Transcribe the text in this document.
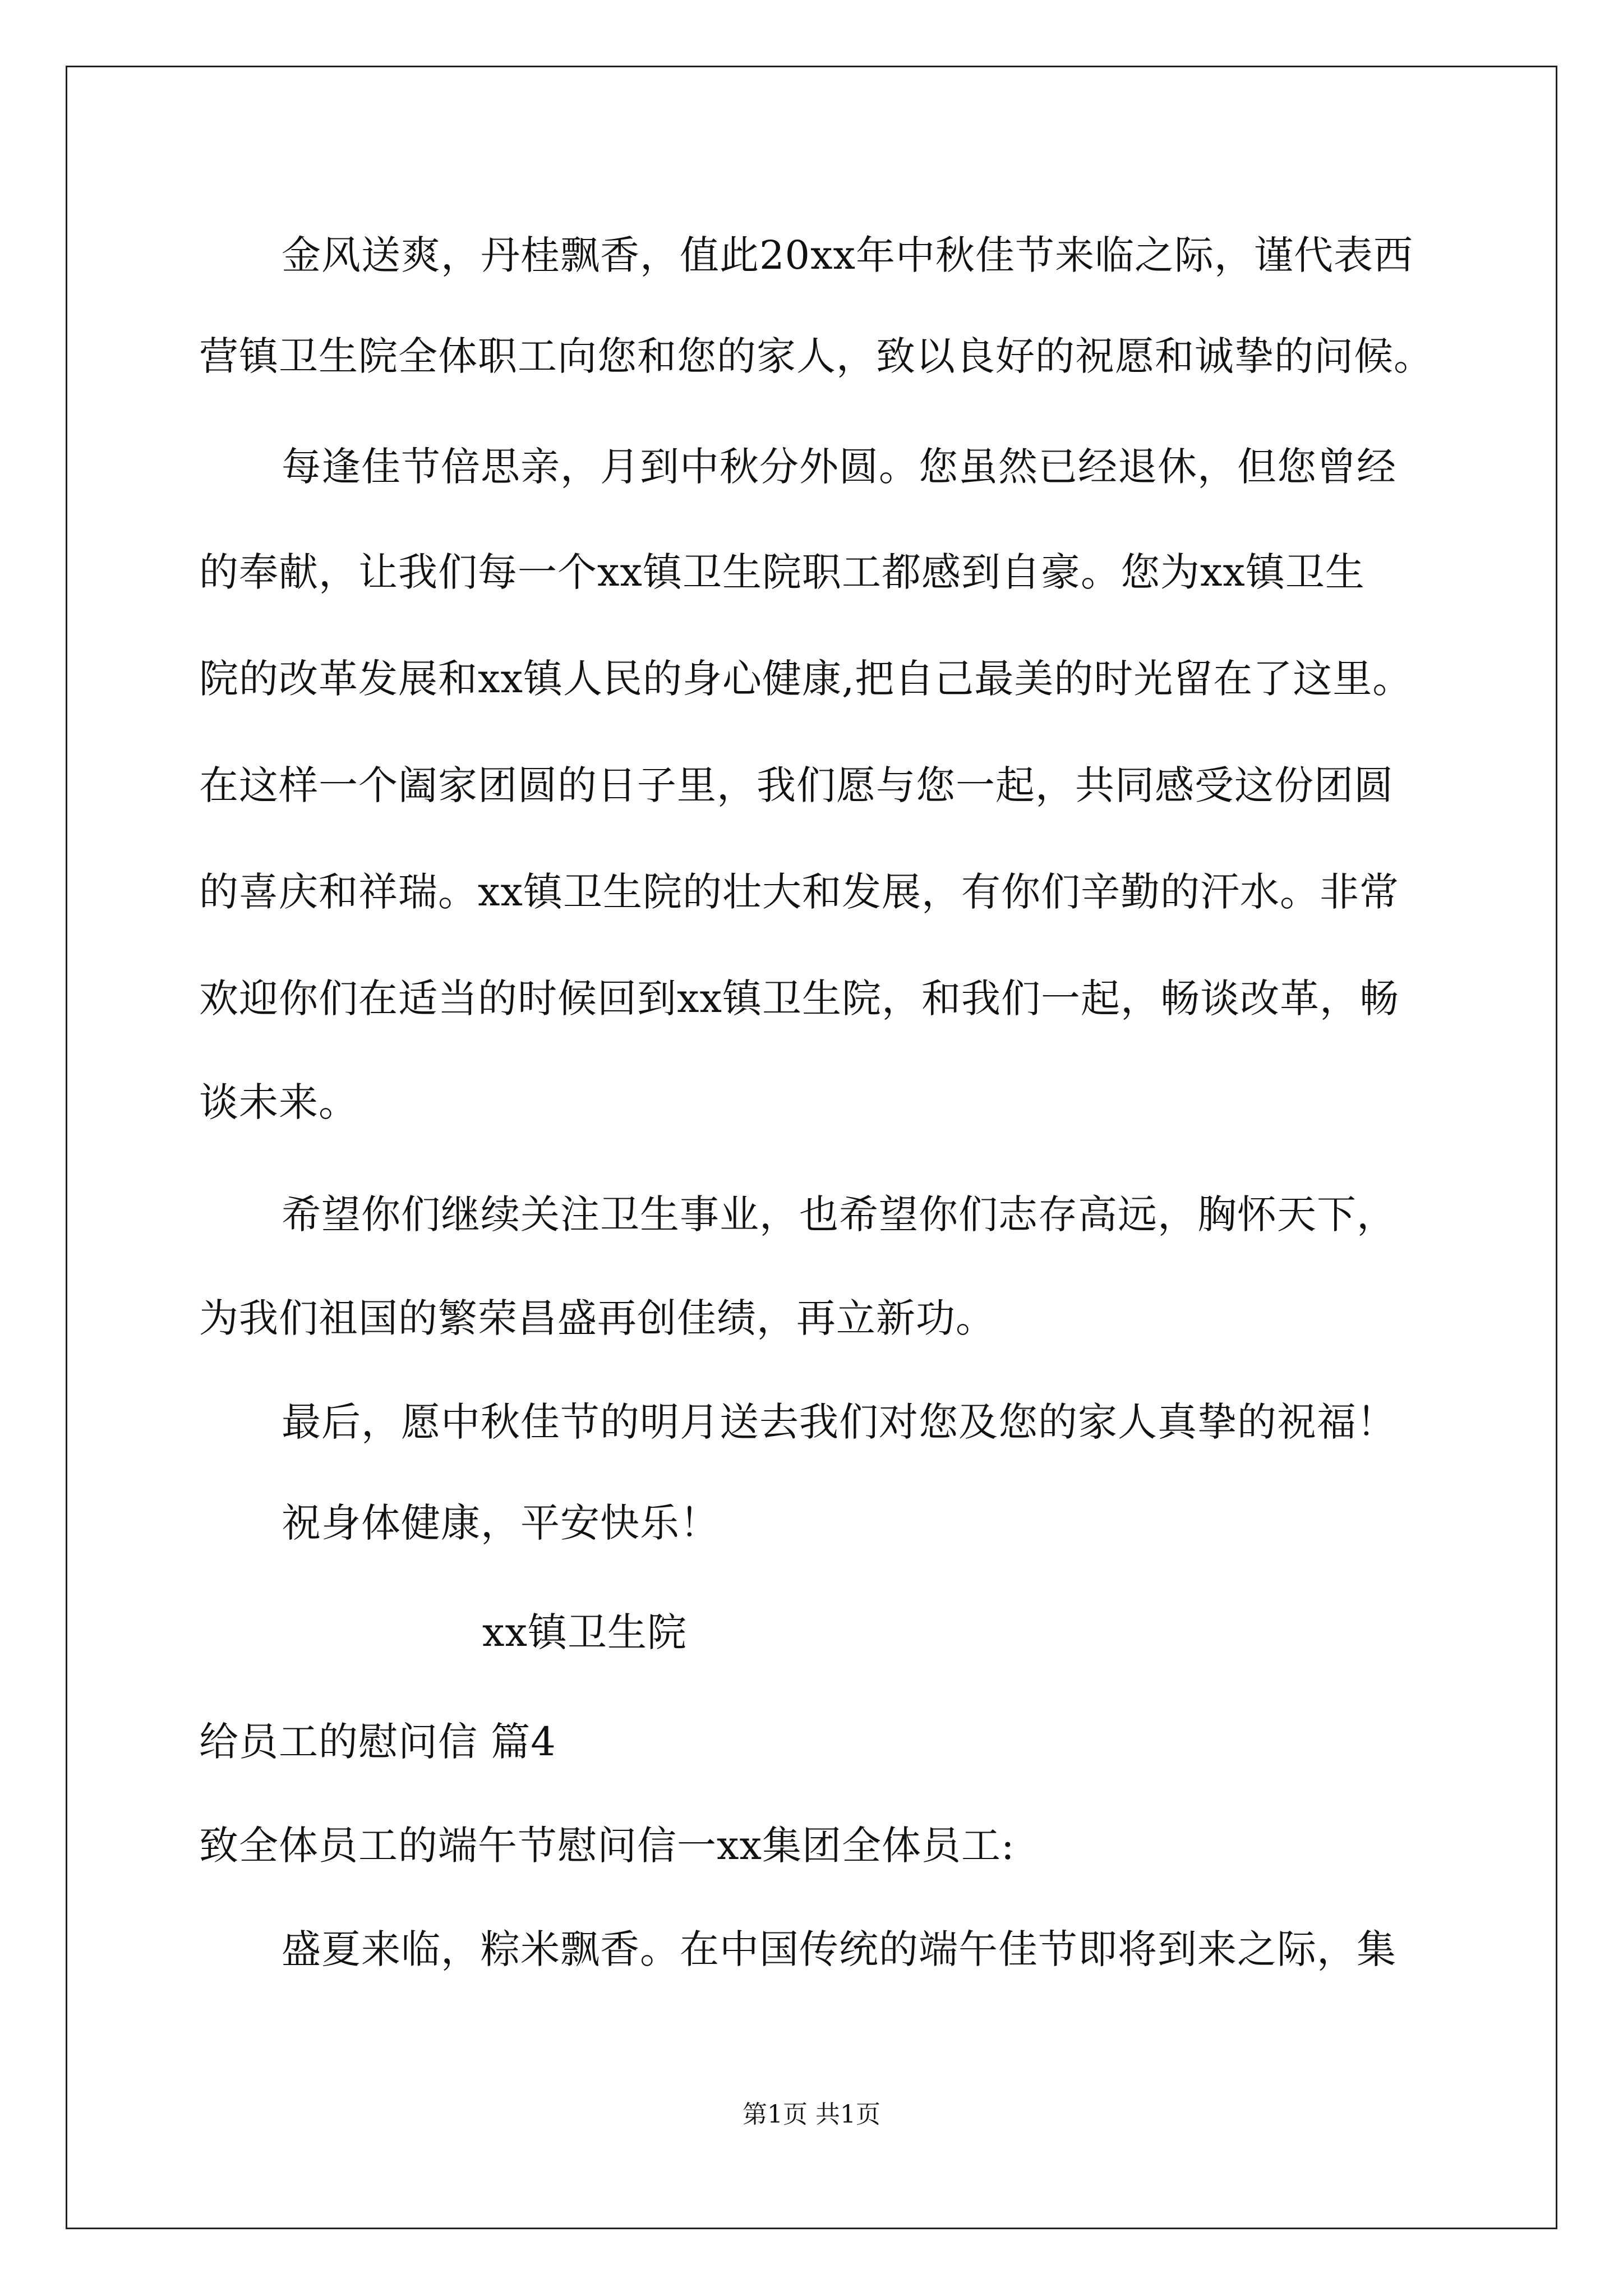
金风送爽，丹桂飘香，值此20xx年中秋佳节来临之际，谨代表西
营镇卫生院全体职工向您和您的家人，致以良好的祝愿和诚挚的问候。
每逢佳节倍思亲，月到中秋分外圆。您虽然已经退休，但您曾经
的奉献，让我们每一个xx镇卫生院职工都感到自豪。您为xx镇卫生
院的改革发展和xx镇人民的身心健康,把自己最美的时光留在了这里。
在这样一个阖家团圆的日子里，我们愿与您一起，共同感受这份团圆
的喜庆和祥瑞。xx镇卫生院的壮大和发展，有你们辛勤的汗水。非常
欢迎你们在适当的时候回到xx镇卫生院，和我们一起，畅谈改革，畅
谈未来。
希望你们继续关注卫生事业，也希望你们志存高远，胸怀天下，
为我们祖国的繁荣昌盛再创佳绩，再立新功。
最后，愿中秋佳节的明月送去我们对您及您的家人真挚的祝福！
祝身体健康，平安快乐！
xx镇卫生院
给员工的慰问信 篇4
致全体员工的端午节慰问信一xx集团全体员工:
盛夏来临，粽米飘香。在中国传统的端午佳节即将到来之际，集
第1页 共1页
